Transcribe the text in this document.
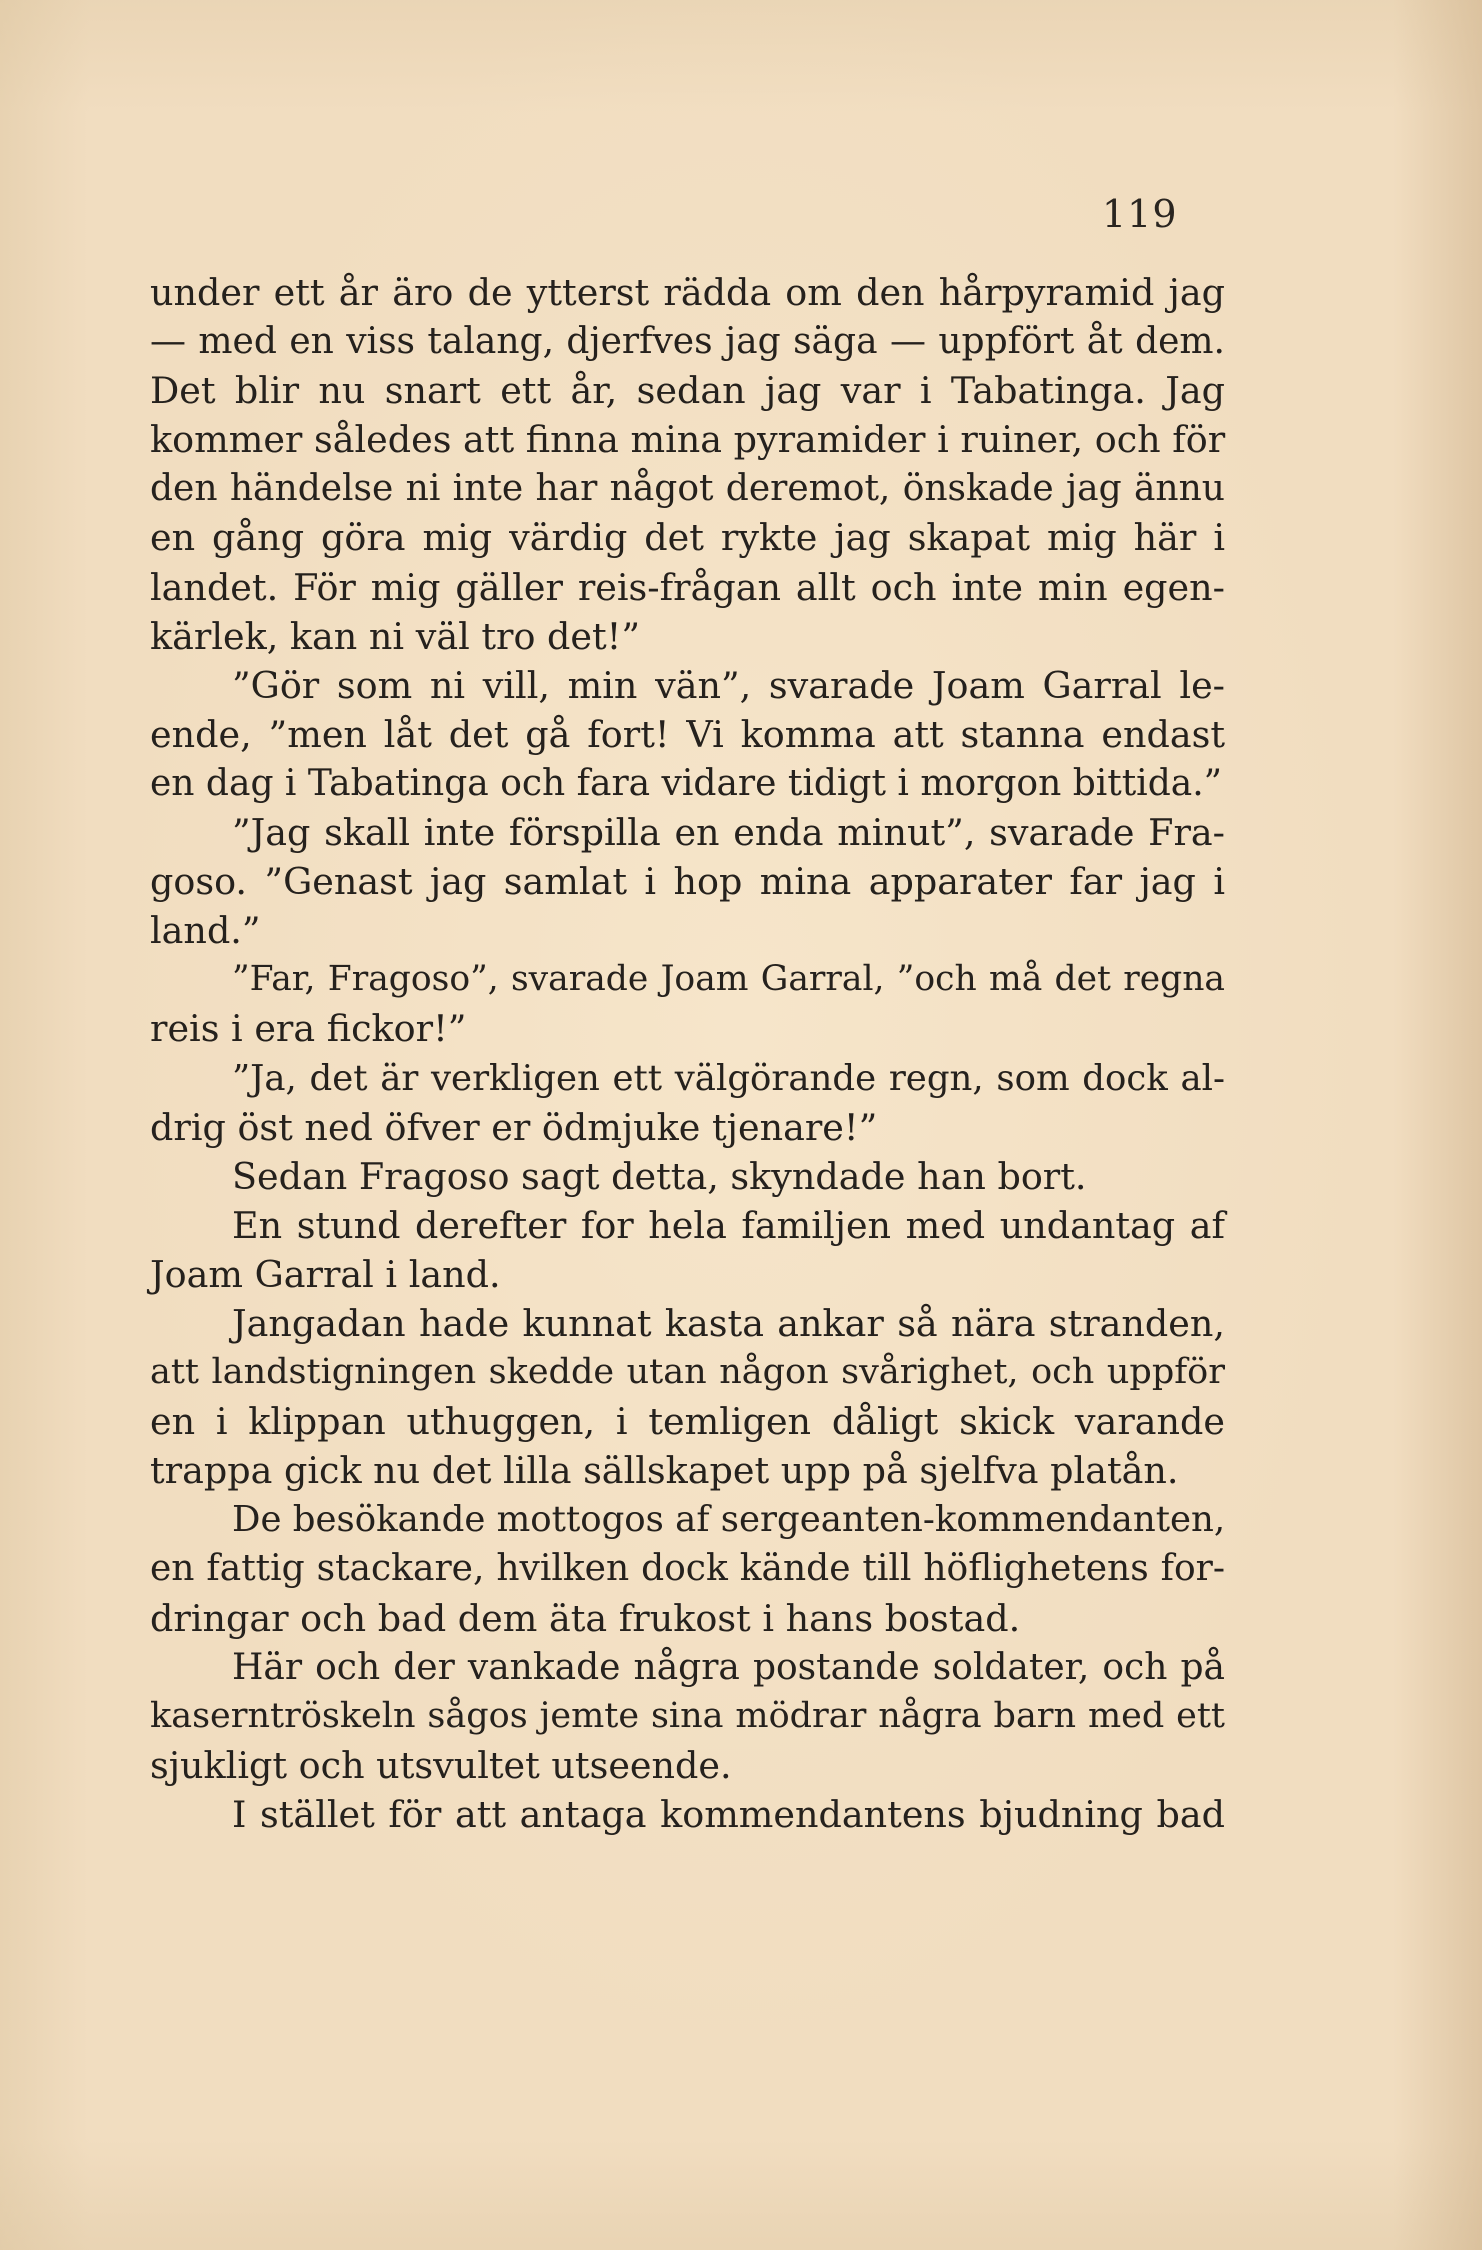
119
under ett år äro de ytterst rädda om den hårpyramid jag
— med en viss talang, djerfves jag säga — uppfört åt dem.
Det blir nu snart ett år, sedan jag var i Tabatinga. Jag
kommer således att finna mina pyramider i ruiner, och för
den händelse ni inte har något deremot, önskade jag ännu
en gång göra mig värdig det rykte jag skapat mig här i
landet. För mig gäller reis-frågan allt och inte min egen-
kärlek, kan ni väl tro det!”
”Gör som ni vill, min vän”, svarade Joam Garral le-
ende, ”men låt det gå fort! Vi komma att stanna endast
en dag i Tabatinga och fara vidare tidigt i morgon bittida.”
”Jag skall inte förspilla en enda minut”, svarade Fra-
goso. ”Genast jag samlat i hop mina apparater far jag i
land.”
”Far, Fragoso”, svarade Joam Garral, ”och må det regna
reis i era fickor!”
”Ja, det är verkligen ett välgörande regn, som dock al-
drig öst ned öfver er ödmjuke tjenare!”
Sedan Fragoso sagt detta, skyndade han bort.
En stund derefter for hela familjen med undantag af
Joam Garral i land.
Jangadan hade kunnat kasta ankar så nära stranden,
att landstigningen skedde utan någon svårighet, och uppför
en i klippan uthuggen, i temligen dåligt skick varande
trappa gick nu det lilla sällskapet upp på sjelfva platån.
De besökande mottogos af sergeanten-kommendanten,
en fattig stackare, hvilken dock kände till höflighetens for-
dringar och bad dem äta frukost i hans bostad.
Här och der vankade några postande soldater, och på
kaserntröskeln sågos jemte sina mödrar några barn med ett
sjukligt och utsvultet utseende.
I stället för att antaga kommendantens bjudning bad
